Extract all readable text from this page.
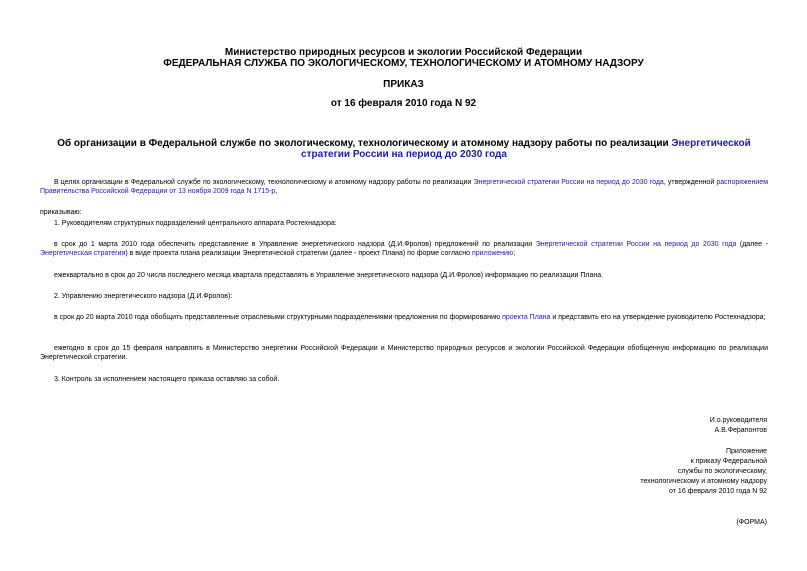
Министерство природных ресурсов и экологии Российской Федерации
ФЕДЕРАЛЬНАЯ СЛУЖБА ПО ЭКОЛОГИЧЕСКОМУ, ТЕХНОЛОГИЧЕСКОМУ И АТОМНОМУ НАДЗОРУ
ПРИКАЗ
от 16 февраля 2010 года N 92
Об организации в Федеральной службе по экологическому, технологическому и атомному надзору работы по реализации Энергетической стратегии России на период до 2030 года
В целях организации в Федеральной службе по экологическому, технологическому и атомному надзору работы по реализации Энергетической стратегии России на период до 2030 года, утвержденной распоряжением Правительства Российской Федерации от 13 ноября 2009 года N 1715-р,
приказываю:
1. Руководителям структурных подразделений центрального аппарата Ростехнадзора:
в срок до 1 марта 2010 года обеспечить представление в Управление энергетического надзора (Д.И.Фролов) предложений по реализации Энергетической стратегии России на период до 2030 года (далее - Энергетическая стратегия) в виде проекта плана реализации Энергетической стратегии (далее - проект Плана) по форме согласно приложению;
ежеквартально в срок до 20 числа последнего месяца квартала представлять в Управление энергетического надзора (Д.И.Фролов) информацию по реализации Плана.
2. Управлению энергетического надзора (Д.И.Фролов):
в срок до 20 марта 2010 года обобщить представленные отраслевыми структурными подразделениями предложения по формированию проекта Плана и представить его на утверждение руководителю Ростехнадзора;
ежегодно в срок до 15 февраля направлять в Министерство энергетики Российской Федерации и Министерство природных ресурсов и экологии Российской Федерации обобщенную информацию по реализации Энергетической стратегии.
3. Контроль за исполнением настоящего приказа оставляю за собой.
И.о.руководителя
А.В.Ферапонтов
Приложение
к приказу Федеральной
службы по экологическому,
технологическому и атомному надзору
от 16 февраля 2010 года N 92
(ФОРМА)
